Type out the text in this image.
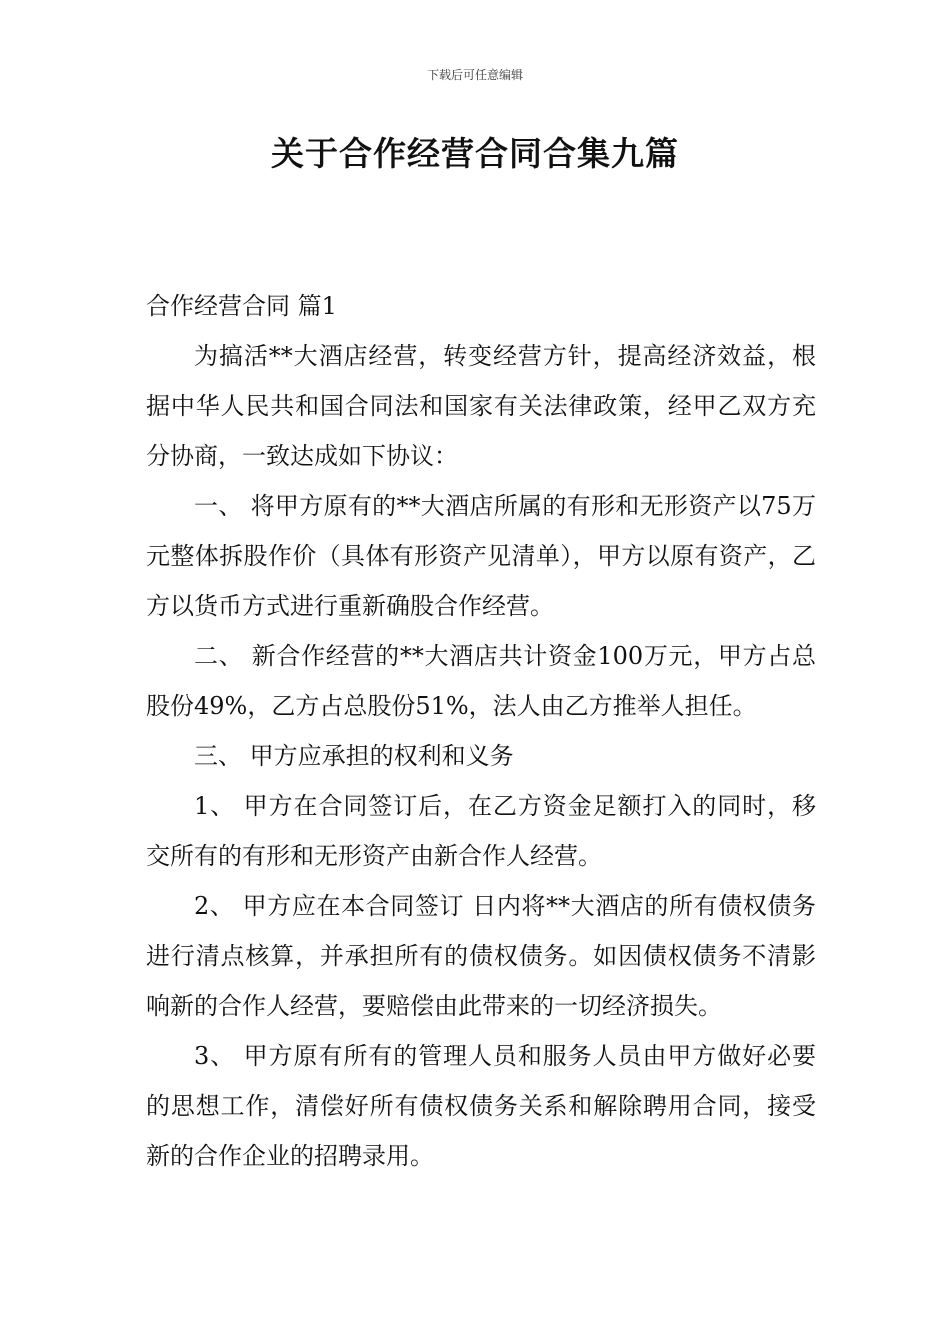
下载后可任意编辑
关于合作经营合同合集九篇

合作经营合同 篇1

为搞活**大酒店经营，转变经营方针，提高经济效益，根据中华人民共和国合同法和国家有关法律政策，经甲乙双方充分协商，一致达成如下协议：

一、 将甲方原有的**大酒店所属的有形和无形资产以75万元整体拆股作价（具体有形资产见清单），甲方以原有资产，乙方以货币方式进行重新确股合作经营。

二、 新合作经营的**大酒店共计资金100万元，甲方占总股份49%，乙方占总股份51%，法人由乙方推举人担任。

三、 甲方应承担的权利和义务

1、 甲方在合同签订后，在乙方资金足额打入的同时，移交所有的有形和无形资产由新合作人经营。

2、 甲方应在本合同签订 日内将**大酒店的所有债权债务进行清点核算，并承担所有的债权债务。如因债权债务不清影响新的合作人经营，要赔偿由此带来的一切经济损失。

3、 甲方原有所有的管理人员和服务人员由甲方做好必要的思想工作，清偿好所有债权债务关系和解除聘用合同，接受新的合作企业的招聘录用。
